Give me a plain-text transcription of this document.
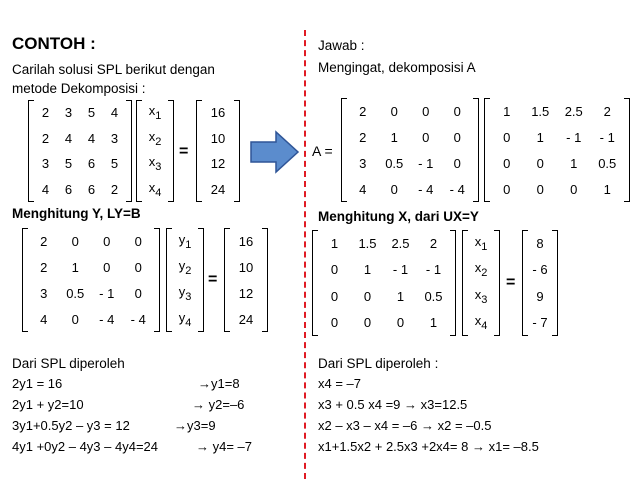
CONTOH :
Carilah solusi SPL berikut dengan
metode Dekomposisi :
2 3 5 4
2 4 4 3
3 5 6 5
4 6 6 2
$x_1$
$x_2$
$x_3$
$x_4$
=
16
10
12
24
Menghitung Y, LY=B
2 0 0 0
2 1 0 0
3 0.5 - 1 0
4 0 - 4 - 4
$y_1$
$y_2$
$y_3$
$y_4$
=
16
10
12
24
Dari SPL diperoleh
2y1 = 16	→y1=8
2y1 + y2=10	→ y2=–6
3y1+0.5y2 – y3 = 12	→y3=9
4y1 +0y2 – 4y3 – 4y4=24	→ y4= –7
Jawab :
Mengingat, dekomposisi A
A =
2 0 0 0
2 1 0 0
3 0.5 - 1 0
4 0 - 4 - 4
1 1.5 2.5 2
0 1 - 1 - 1
0 0 1 0.5
0 0 0 1
Menghitung X, dari UX=Y
1 1.5 2.5 2
0 1 - 1 - 1
0 0 1 0.5
0 0 0 1
$x_1$
$x_2$
$x_3$
$x_4$
=
8
- 6
9
- 7
Dari SPL diperoleh :
x4 = –7
x3 + 0.5 x4 =9 → x3=12.5
x2 – x3 – x4 = –6 → x2 = –0.5
x1+1.5x2 + 2.5x3 +2x4= 8 → x1= –8.5
